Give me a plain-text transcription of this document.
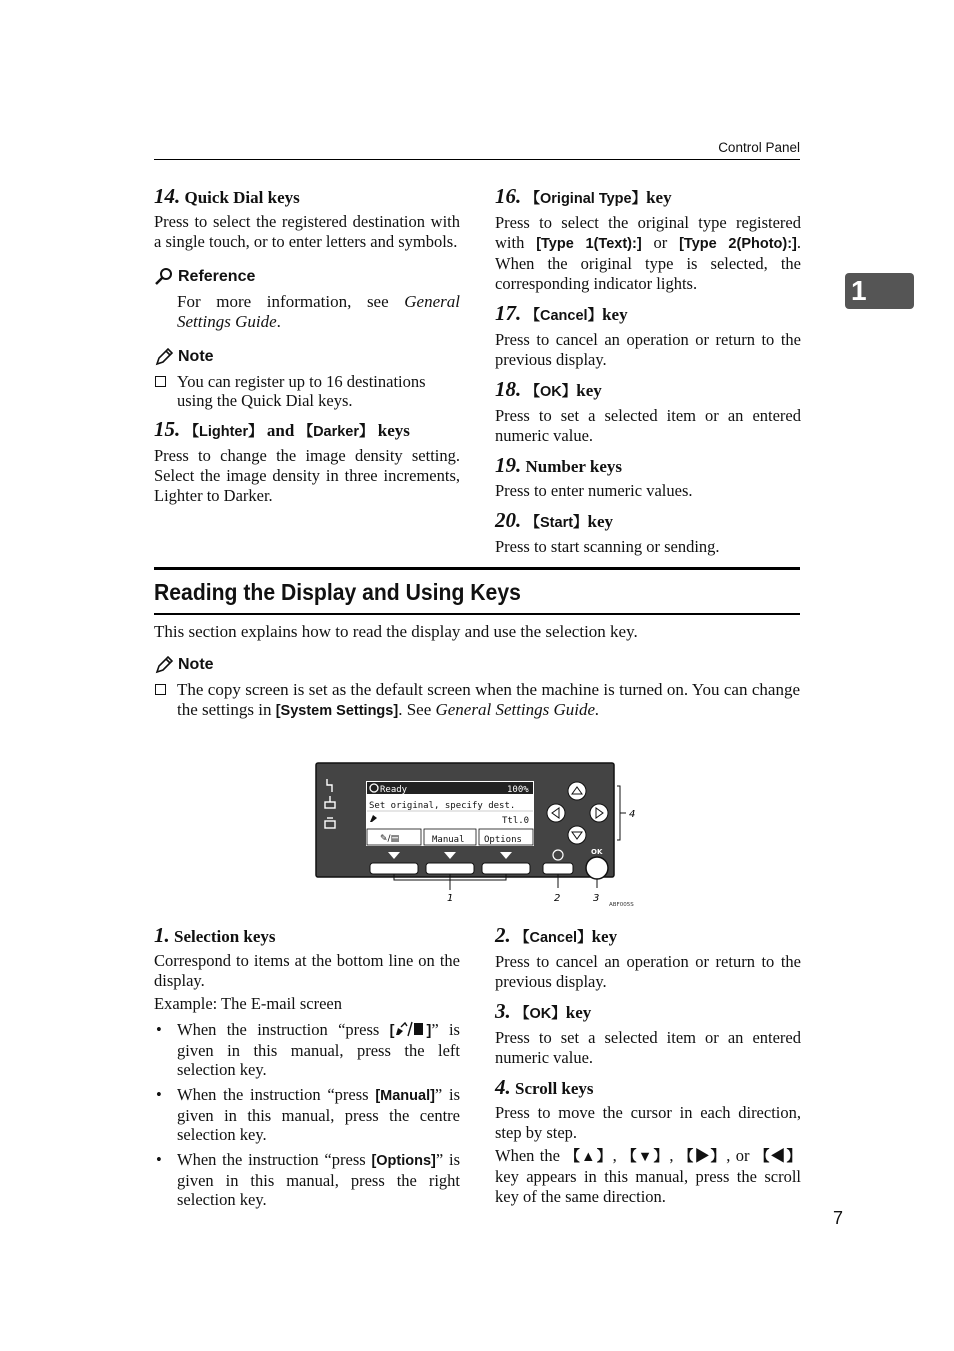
Control Panel
1
14. Quick Dial keys
Press to select the registered destination with a single touch, or to enter letters and symbols.
Reference
For more information, see General Settings Guide.
Note
You can register up to 16 destinations using the Quick Dial keys.
15. 【Lighter】 and 【Darker】 keys
Press to change the image density setting. Select the image density in three increments, Lighter to Darker.
16. 【Original Type】key
Press to select the original type registered with [Type 1(Text):] or [Type 2(Photo):]. When the original type is selected, the corresponding indicator lights.
17. 【Cancel】key
Press to cancel an operation or return to the previous display.
18. 【OK】key
Press to set a selected item or an entered numeric value.
19. Number keys
Press to enter numeric values.
20. 【Start】key
Press to start scanning or sending.
Reading the Display and Using Keys
This section explains how to read the display and use the selection key.
Note
The copy screen is set as the default screen when the machine is turned on. You can change the settings in [System Settings]. See General Settings Guide.
Ready	100%
Set original, specify dest.
Ttl.0
✎/▤	Manual Options
OK
4
1	2	3
ABF005S
1. Selection keys
Correspond to items at the bottom line on the display.
Example: The E-mail screen
• When the instruction “press [ ]” is given in this manual, press the left selection key.
• When the instruction “press [Manual]” is given in this manual, press the centre selection key.
• When the instruction “press [Options]” is given in this manual, press the right selection key.
2. 【Cancel】key
Press to cancel an operation or return to the previous display.
3. 【OK】key
Press to set a selected item or an entered numeric value.
4. Scroll keys
Press to move the cursor in each direction, step by step.
When the 【▲】, 【▼】, 【▶】, or 【◀】 key appears in this manual, press the scroll key of the same direction.
7
